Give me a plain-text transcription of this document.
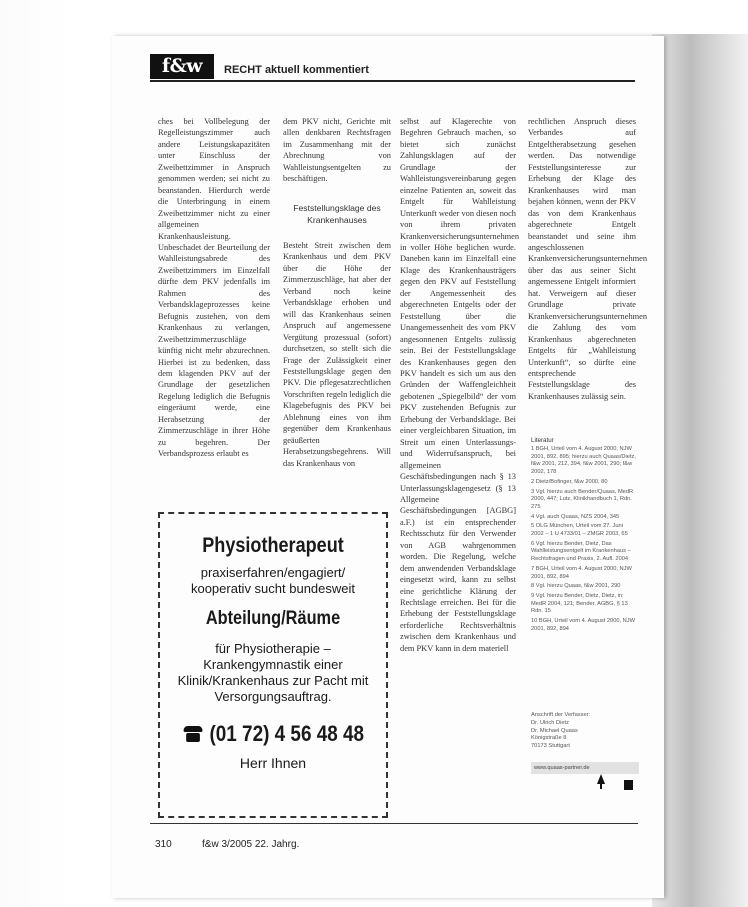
f&w	RECHT aktuell kommentiert

ches bei Vollbelegung der Regelleistungszimmer auch andere Leistungskapazitäten unter Einschluss der Zweibettzimmer in Anspruch genommen werden; sei nicht zu beanstanden. Hierdurch werde die Unterbringung in einem Zweibettzimmer nicht zu einer allgemeinen Krankenhausleistung. Unbeschadet der Beurteilung der Wahlleistungsabrede des Zweibettzimmers im Einzelfall dürfte dem PKV jedenfalls im Rahmen des Verbandsklageprozesses keine Befugnis zustehen, von dem Krankenhaus zu verlangen, Zweibettzimmerzuschläge künftig nicht mehr abzurechnen. Hierbei ist zu bedenken, dass dem klagenden PKV auf der Grundlage der gesetzlichen Regelung lediglich die Befugnis eingeräumt werde, eine Herabsetzung der Zimmerzuschläge in ihrer Höhe zu begehren. Der Verbandsprozess erlaubt es

dem PKV nicht, Gerichte mit allen denkbaren Rechtsfragen im Zusammenhang mit der Abrechnung von Wahlleistungsentgelten zu beschäftigen.

Feststellungsklage des Krankenhauses

Besteht Streit zwischen dem Krankenhaus und dem PKV über die Höhe der Zimmerzuschläge, hat aber der Verband noch keine Verbandsklage erhoben und will das Krankenhaus seinen Anspruch auf angemessene Vergütung prozessual (sofort) durchsetzen, so stellt sich die Frage der Zulässigkeit einer Feststellungsklage gegen den PKV. Die pflegesatzrechtlichen Vorschriften regeln lediglich die Klagebefugnis des PKV bei Ablehnung eines von ihm gegenüber dem Krankenhaus geäußerten Herabsetzungsbegehrens. Will das Krankenhaus von

selbst auf Klagerechte von Begehren Gebrauch machen, so bietet sich zunächst Zahlungsklagen auf der Grundlage der Wahlleistungsvereinbarung gegen einzelne Patienten an, soweit das Entgelt für Wahlleistung Unterkunft weder von diesen noch von ihrem privaten Krankenversicherungsunternehmen in voller Höhe beglichen wurde. Daneben kann im Einzelfall eine Klage des Krankenhausträgers gegen den PKV auf Feststellung der Angemessenheit des abgerechneten Entgelts oder der Feststellung über die Unangemessenheit des vom PKV angesonnenen Entgelts zulässig sein. Bei der Feststellungsklage des Krankenhauses gegen den PKV handelt es sich um aus den Gründen der Waffengleichheit gebotenen „Spiegelbild“ der vom PKV zustehenden Befugnis zur Erhebung der Verbandsklage. Bei einer vergleichbaren Situation, im Streit um einen Unterlassungs- und Widerrufsanspruch, bei allgemeinen Geschäftsbedingungen nach § 13 Unterlassungsklagengesetz (§ 13 Allgemeine Geschäftsbedingungen [AGBG] a.F.) ist ein entsprechender Rechtsschutz für den Verwender von AGB wahrgenommen worden. Die Regelung, welche dem anwendenden Verbandsklage eingesetzt wird, kann zu selbst eine gerichtliche Klärung der Rechtslage erreichen. Bei für die Erhebung der Feststellungsklage erforderliche Rechtsverhältnis zwischen dem Krankenhaus und dem PKV kann in dem materiell

rechtlichen Anspruch dieses Verbandes auf Entgeltherabsetzung gesehen werden. Das notwendige Feststellungsinteresse zur Erhebung der Klage des Krankenhauses wird man bejahen können, wenn der PKV das von dem Krankenhaus abgerechnete Entgelt beanstandet und seine ihm angeschlossenen Krankenversicherungsunternehmen über das aus seiner Sicht angemessene Entgelt informiert hat. Verweigern auf dieser Grundlage private Krankenversicherungsunternehmen die Zahlung des vom Krankenhaus abgerechneten Entgelts für „Wahlleistung Unterkunft“, so dürfte eine entsprechende Feststellungsklage des Krankenhauses zulässig sein.

Physiotherapeut
praxiserfahren/engagiert/
kooperativ sucht bundesweit
Abteilung/Räume
für Physiotherapie –
Krankengymnastik einer
Klinik/Krankenhaus zur Pacht mit
Versorgungsauftrag.
(01 72) 4 56 48 48
Herr Ihnen
Literatur
1 BGH, Urteil vom 4. August 2000, NJW 2001, 892, 895; hierzu auch Quaas/Dietz, f&w 2001, 212, 394, f&w 2001, 290; f&w 2002, 178
2 Dietz/Bofinger, f&w 2000, 80
3 Vgl. hierzu auch Bender/Quaas, MedR 2000, 447; Lutz, Klinikhandbuch 1, Rdn. 275
4 Vgl. auch Quaas, NZS 2004, 345
5 OLG München, Urteil vom 27. Juni 2002 – 1 U 4733/01 – ZMGR 2003, 65
6 Vgl. hierzu Bender, Dietz, Das Wahlleistungsentgelt im Krankenhaus – Rechtsfragen und Praxis, 2. Aufl. 2004
7 BGH, Urteil vom 4. August 2000, NJW 2001, 892, 894
8 Vgl. hierzu Quaas, f&w 2001, 290
9 Vgl. hierzu Bender, Dietz, Dietz, in: MedR 2004, 121; Bender, AGBG, § 13 Rdn. 15
10 BGH, Urteil vom 4. August 2000, NJW 2001, 892, 894
Anschrift der Verfasser:
Dr. Ulrich Dietz
Dr. Michael Quaas
Königstraße 8
70173 Stuttgart
www.quaas-partner.de
310	f&w 3/2005 22. Jahrg.
